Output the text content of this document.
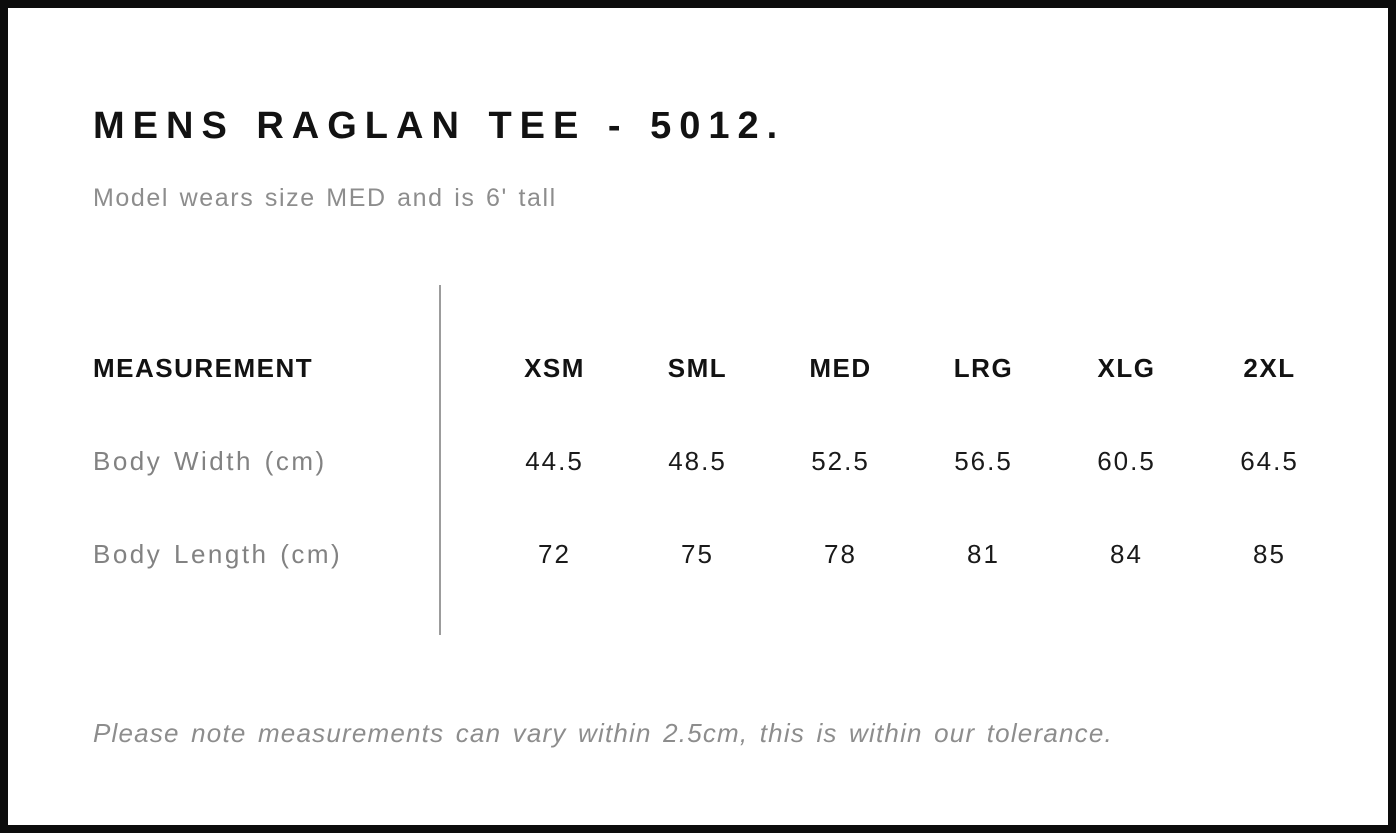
MENS RAGLAN TEE - 5012.

Model wears size MED and is 6' tall

MEASUREMENT	XSM	SML	MED	LRG	XLG	2XL
Body Width (cm)	44.5	48.5	52.5	56.5	60.5	64.5
Body Length (cm)	72	75	78	81	84	85

Please note measurements can vary within 2.5cm, this is within our tolerance.
